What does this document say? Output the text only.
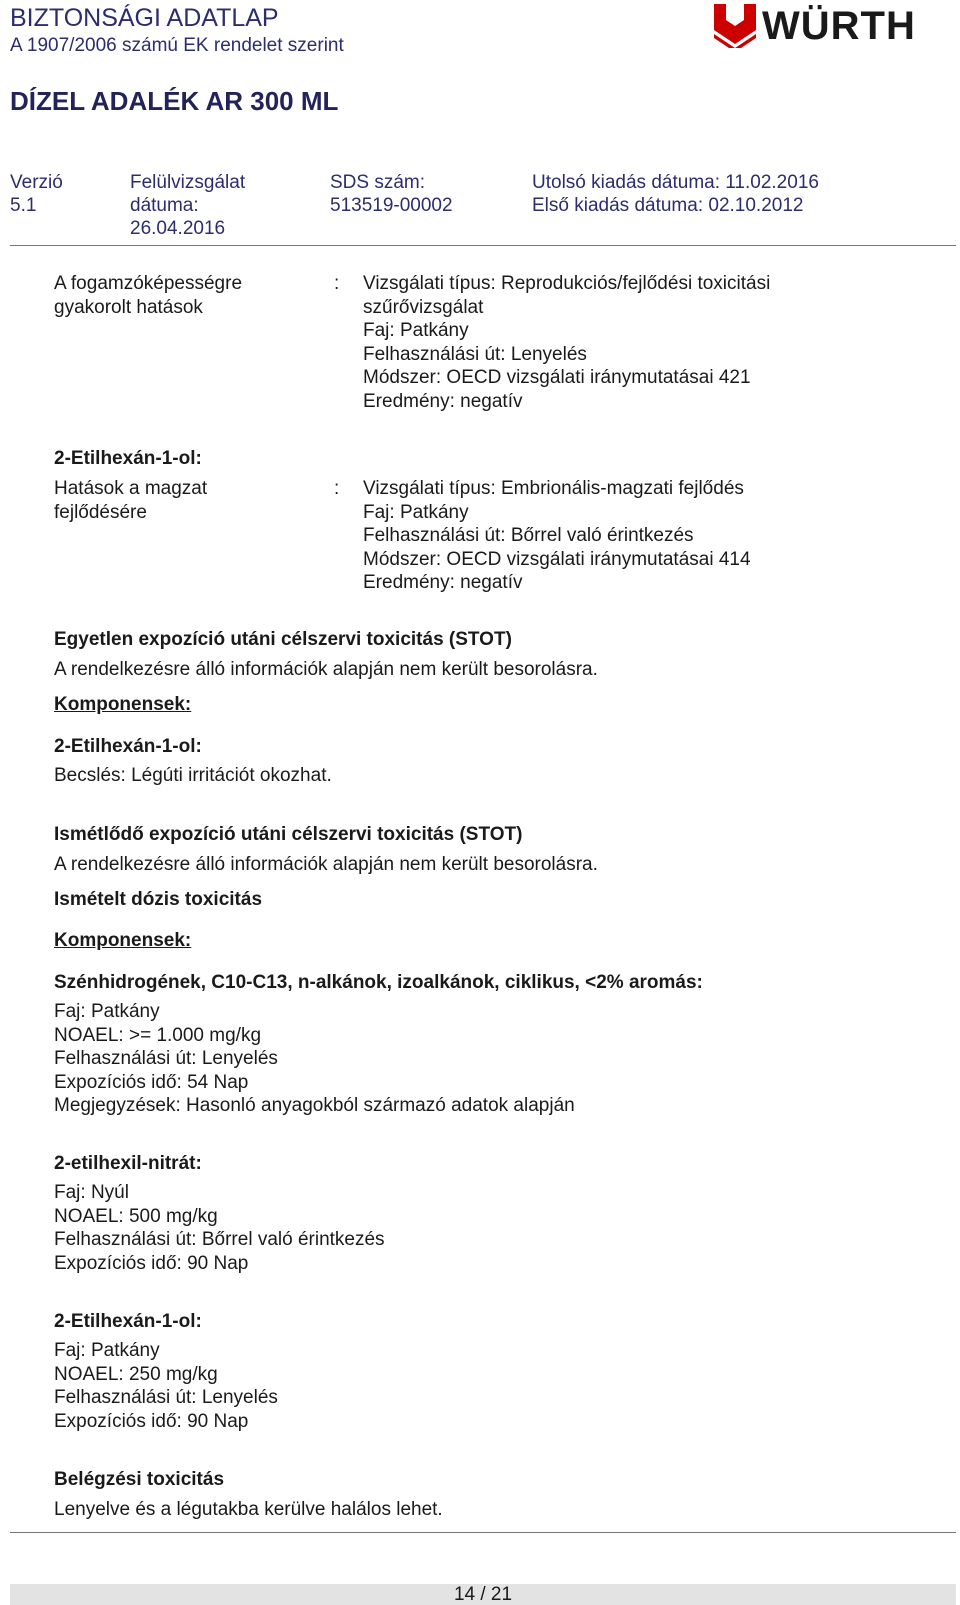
BIZTONSÁGI ADATLAP
A 1907/2006 számú EK rendelet szerint	WÜRTH
DÍZEL ADALÉK AR 300 ML
Verzió
5.1
Felülvizsgálat
dátuma:
26.04.2016
SDS szám:
513519-00002
Utolsó kiadás dátuma: 11.02.2016
Első kiadás dátuma: 02.10.2012
A fogamzóképességre
gyakorolt hatások
: Vizsgálati típus: Reprodukciós/fejlődési toxicitási
szűrővizsgálat
Faj: Patkány
Felhasználási út: Lenyelés
Módszer: OECD vizsgálati iránymutatásai 421
Eredmény: negatív
2-Etilhexán-1-ol:
Hatások a magzat
fejlődésére
: Vizsgálati típus: Embrionális-magzati fejlődés
Faj: Patkány
Felhasználási út: Bőrrel való érintkezés
Módszer: OECD vizsgálati iránymutatásai 414
Eredmény: negatív
Egyetlen expozíció utáni célszervi toxicitás (STOT)
A rendelkezésre álló információk alapján nem került besorolásra.
Komponensek:
2-Etilhexán-1-ol:
Becslés: Légúti irritációt okozhat.
Ismétlődő expozíció utáni célszervi toxicitás (STOT)
A rendelkezésre álló információk alapján nem került besorolásra.
Ismételt dózis toxicitás
Komponensek:
Szénhidrogének, C10-C13, n-alkánok, izoalkánok, ciklikus, <2% aromás:
Faj: Patkány
NOAEL: >= 1.000 mg/kg
Felhasználási út: Lenyelés
Expozíciós idő: 54 Nap
Megjegyzések: Hasonló anyagokból származó adatok alapján
2-etilhexil-nitrát:
Faj: Nyúl
NOAEL: 500 mg/kg
Felhasználási út: Bőrrel való érintkezés
Expozíciós idő: 90 Nap
2-Etilhexán-1-ol:
Faj: Patkány
NOAEL: 250 mg/kg
Felhasználási út: Lenyelés
Expozíciós idő: 90 Nap
Belégzési toxicitás
Lenyelve és a légutakba kerülve halálos lehet.
14 / 21
